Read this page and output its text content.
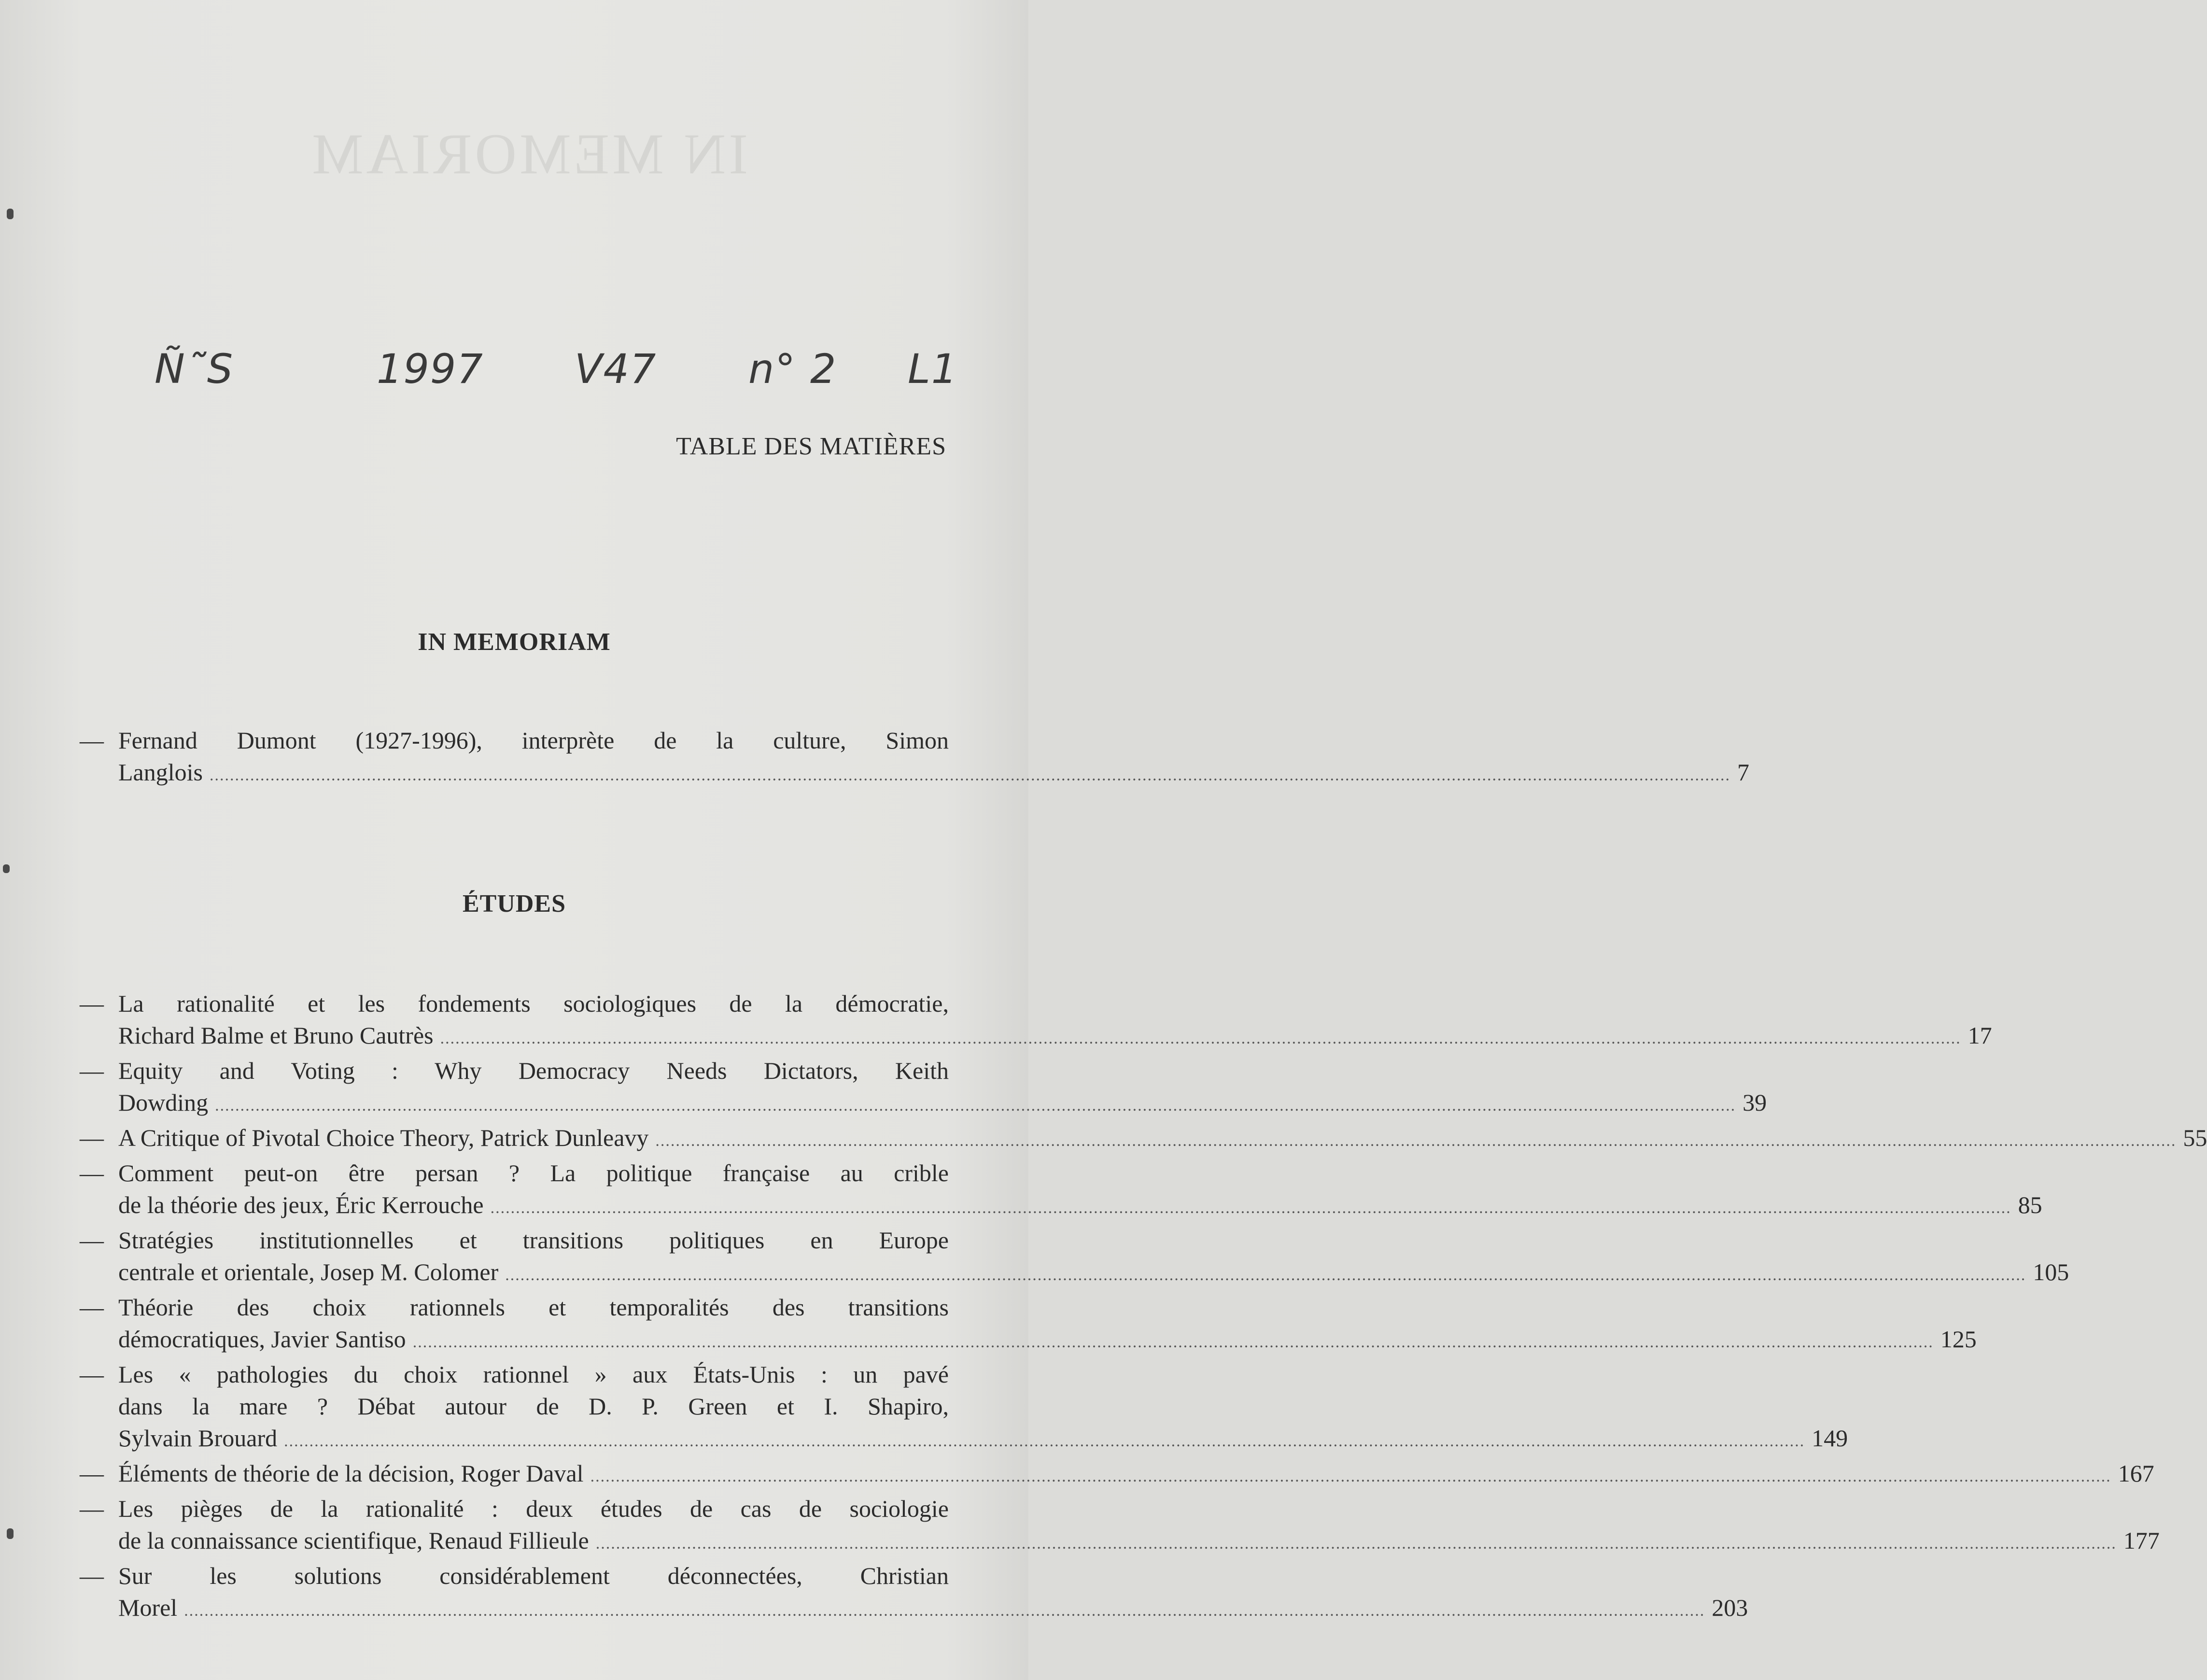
IN MEMORIAM
Ñ˜S	1997 V47 n° 2 L1
TABLE DES MATIÈRES
IN MEMORIAM
— Fernand Dumont (1927-1996), interprète de la culture, Simon
Langlois ............................................................................................................................................................................................................................................................................................................ 7
ÉTUDES
— La rationalité et les fondements sociologiques de la démocratie,
Richard Balme et Bruno Cautrès ............................................................................................................................................................................................................................................................................................................ 17
— Equity and Voting : Why Democracy Needs Dictators, Keith
Dowding ............................................................................................................................................................................................................................................................................................................ 39
— A Critique of Pivotal Choice Theory, Patrick Dunleavy ............................................................................................................................................................................................................................................................................................................ 55
— Comment peut-on être persan ? La politique française au crible
de la théorie des jeux, Éric Kerrouche ............................................................................................................................................................................................................................................................................................................ 85
— Stratégies institutionnelles et transitions politiques en Europe
centrale et orientale, Josep M. Colomer ............................................................................................................................................................................................................................................................................................................ 105
— Théorie des choix rationnels et temporalités des transitions
démocratiques, Javier Santiso ............................................................................................................................................................................................................................................................................................................ 125
— Les « pathologies du choix rationnel » aux États-Unis : un pavé
dans la mare ? Débat autour de D. P. Green et I. Shapiro,
Sylvain Brouard ............................................................................................................................................................................................................................................................................................................ 149
— Éléments de théorie de la décision, Roger Daval ............................................................................................................................................................................................................................................................................................................ 167
— Les pièges de la rationalité : deux études de cas de sociologie
de la connaissance scientifique, Renaud Fillieule ............................................................................................................................................................................................................................................................................................................ 177
— Sur les solutions considérablement déconnectées, Christian
Morel ............................................................................................................................................................................................................................................................................................................ 203
